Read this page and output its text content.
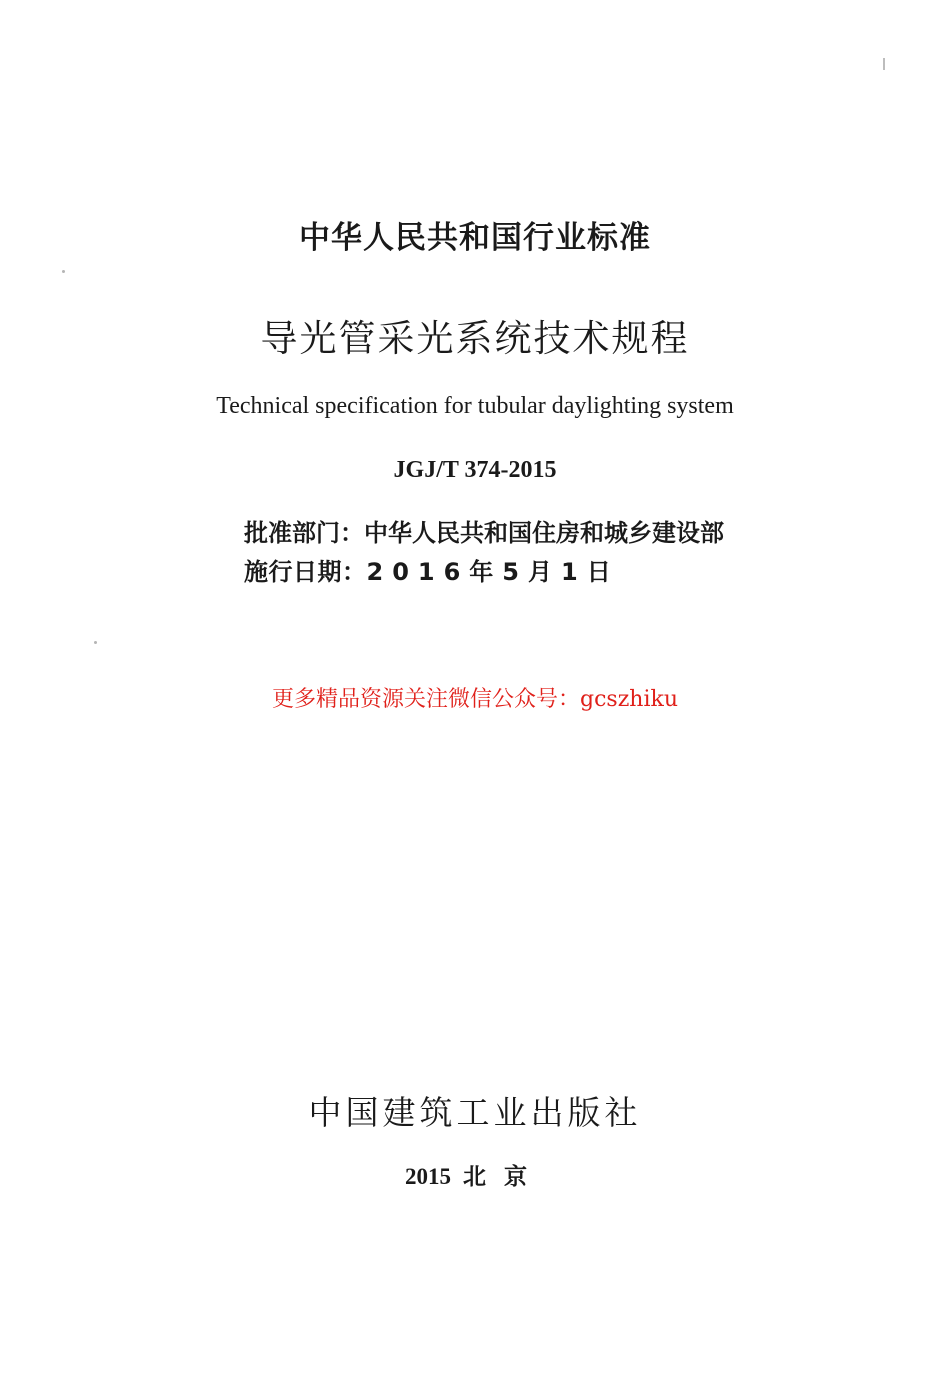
中华人民共和国行业标准
导光管采光系统技术规程
Technical specification for tubular daylighting system
JGJ/T 374-2015
批准部门：中华人民共和国住房和城乡建设部
施行日期：2016年5月1日
更多精品资源关注微信公众号：gcszhiku
中国建筑工业出版社
2015 北京
